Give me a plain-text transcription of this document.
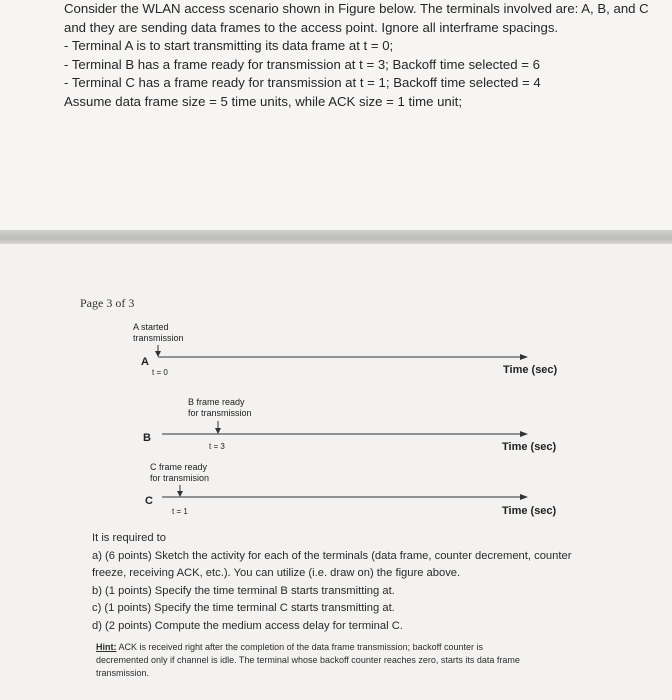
Consider the WLAN access scenario shown in Figure below. The terminals involved are: A, B, and C
and they are sending data frames to the access point. Ignore all interframe spacings.
- Terminal A is to start transmitting its data frame at t = 0;
- Terminal B has a frame ready for transmission at t = 3; Backoff time selected = 6
- Terminal C has a frame ready for transmission at t = 1; Backoff time selected = 4
Assume data frame size = 5 time units, while ACK size = 1 time unit;
Page 3 of 3
A started
transmission
A
t = 0	Time (sec)
B frame ready
for transmission
B
t = 3	Time (sec)
C frame ready
for transmision
C
t = 1	Time (sec)
It is required to
a) (6 points) Sketch the activity for each of the terminals (data frame, counter decrement, counter
freeze, receiving ACK, etc.). You can utilize (i.e. draw on) the figure above.
b) (1 points) Specify the time terminal B starts transmitting at.
c) (1 points) Specify the time terminal C starts transmitting at.
d) (2 points) Compute the medium access delay for terminal C.
Hint: ACK is received right after the completion of the data frame transmission; backoff counter is
decremented only if channel is idle. The terminal whose backoff counter reaches zero, starts its data frame
transmission.
